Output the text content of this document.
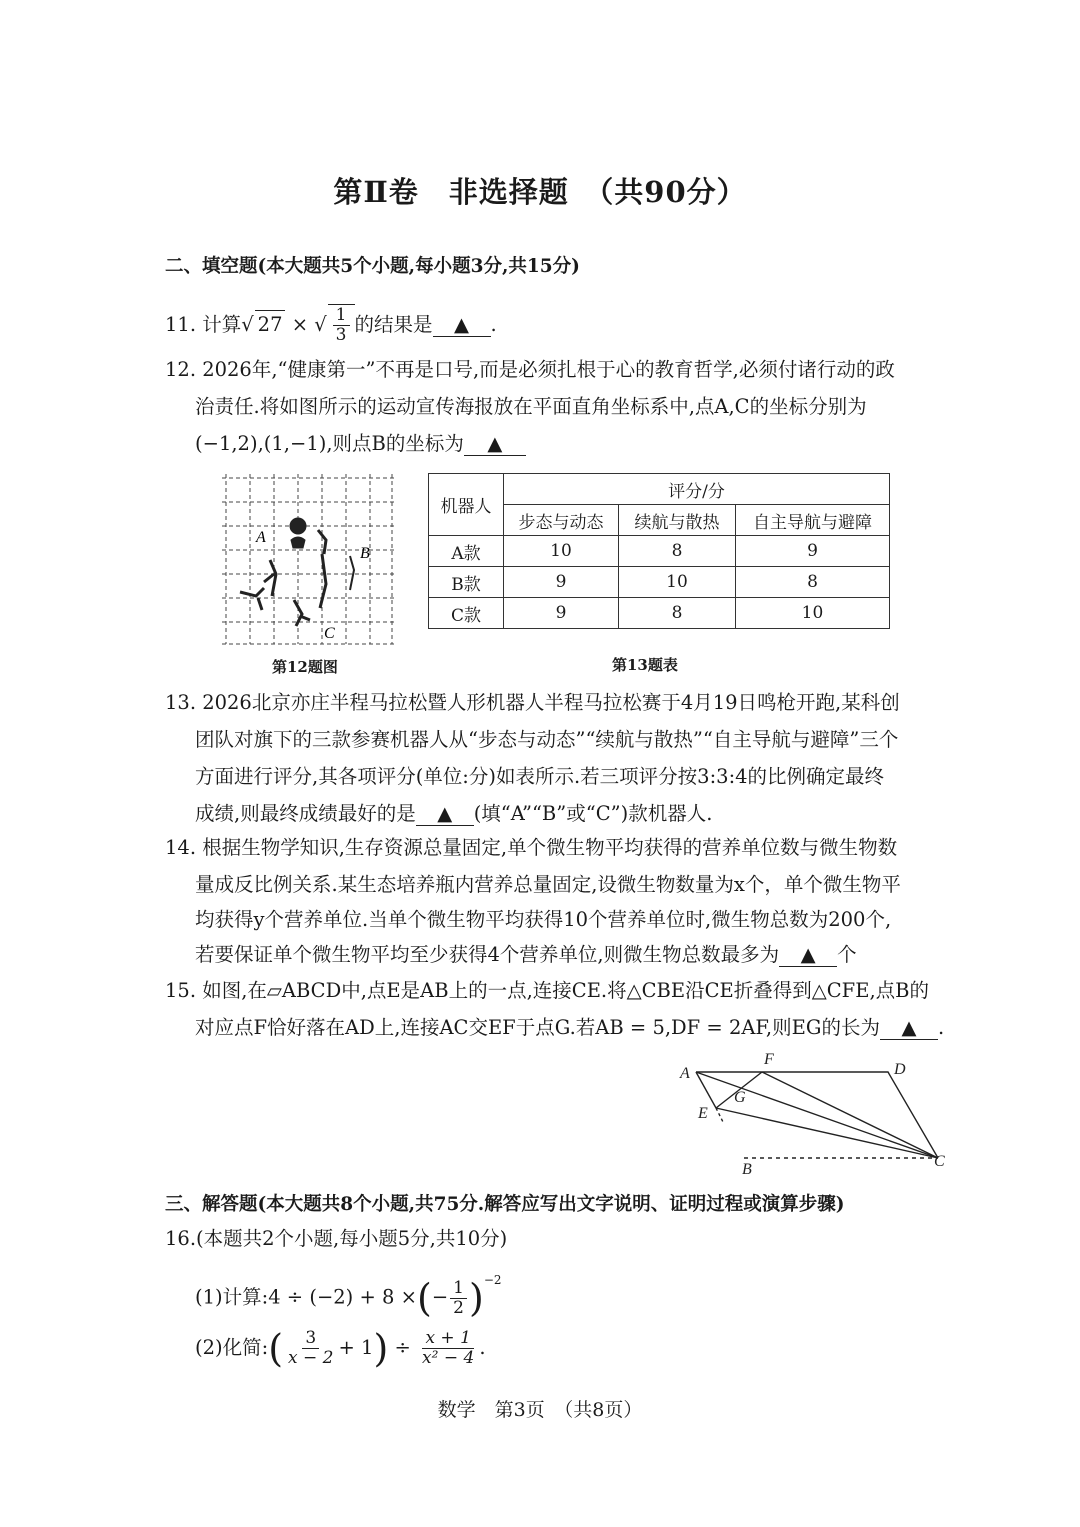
第Ⅱ卷　非选择题　（共90分）
二、填空题(本大题共5个小题,每小题3分,共15分)
11. 计算√ 27 × √ $\frac{1}{3}$ 的结果是 ▲ .
12. 2026年,“健康第一”不再是口号,而是必须扎根于心的教育哲学,必须付诸行动的政
治责任.将如图所示的运动宣传海报放在平面直角坐标系中,点A,C的坐标分别为
(−1,2),(1,−1),则点B的坐标为 ▲
A
B
C
第12题图
机器人	评分/分		
	步态与动态	续航与散热	自主导航与避障
A款	10	8	9
B款	9	10	8
C款	9	8	10
第13题表
13. 2026北京亦庄半程马拉松暨人形机器人半程马拉松赛于4月19日鸣枪开跑,某科创
团队对旗下的三款参赛机器人从“步态与动态”“续航与散热”“自主导航与避障”三个
方面进行评分,其各项评分(单位:分)如表所示.若三项评分按3:3:4的比例确定最终
成绩,则最终成绩最好的是 ▲ (填“A”“B”或“C”)款机器人.
14. 根据生物学知识,生存资源总量固定,单个微生物平均获得的营养单位数与微生物数
量成反比例关系.某生态培养瓶内营养总量固定,设微生物数量为x个，单个微生物平
均获得y个营养单位.当单个微生物平均获得10个营养单位时,微生物总数为200个,
若要保证单个微生物平均至少获得4个营养单位,则微生物总数最多为 ▲ 个
15. 如图,在▱ABCD中,点E是AB上的一点,连接CE.将△CBE沿CE折叠得到△CFE,点B的
对应点F恰好落在AD上,连接AC交EF于点G.若AB = 5,DF = 2AF,则EG的长为 ▲ .
A
F
D
G
E
B	C
三、解答题(本大题共8个小题,共75分.解答应写出文字说明、证明过程或演算步骤)
16.(本题共2个小题,每小题5分,共10分)
(1)计算:4 ÷ (−2) + 8 ×(− $\frac{1}{2} )^{-2}$
(2)化简:( $\frac{3}{x - 2} + 1) \div \frac{x + 1}{\text{x² − 4}}$ .
数学　第3页　（共8页）
